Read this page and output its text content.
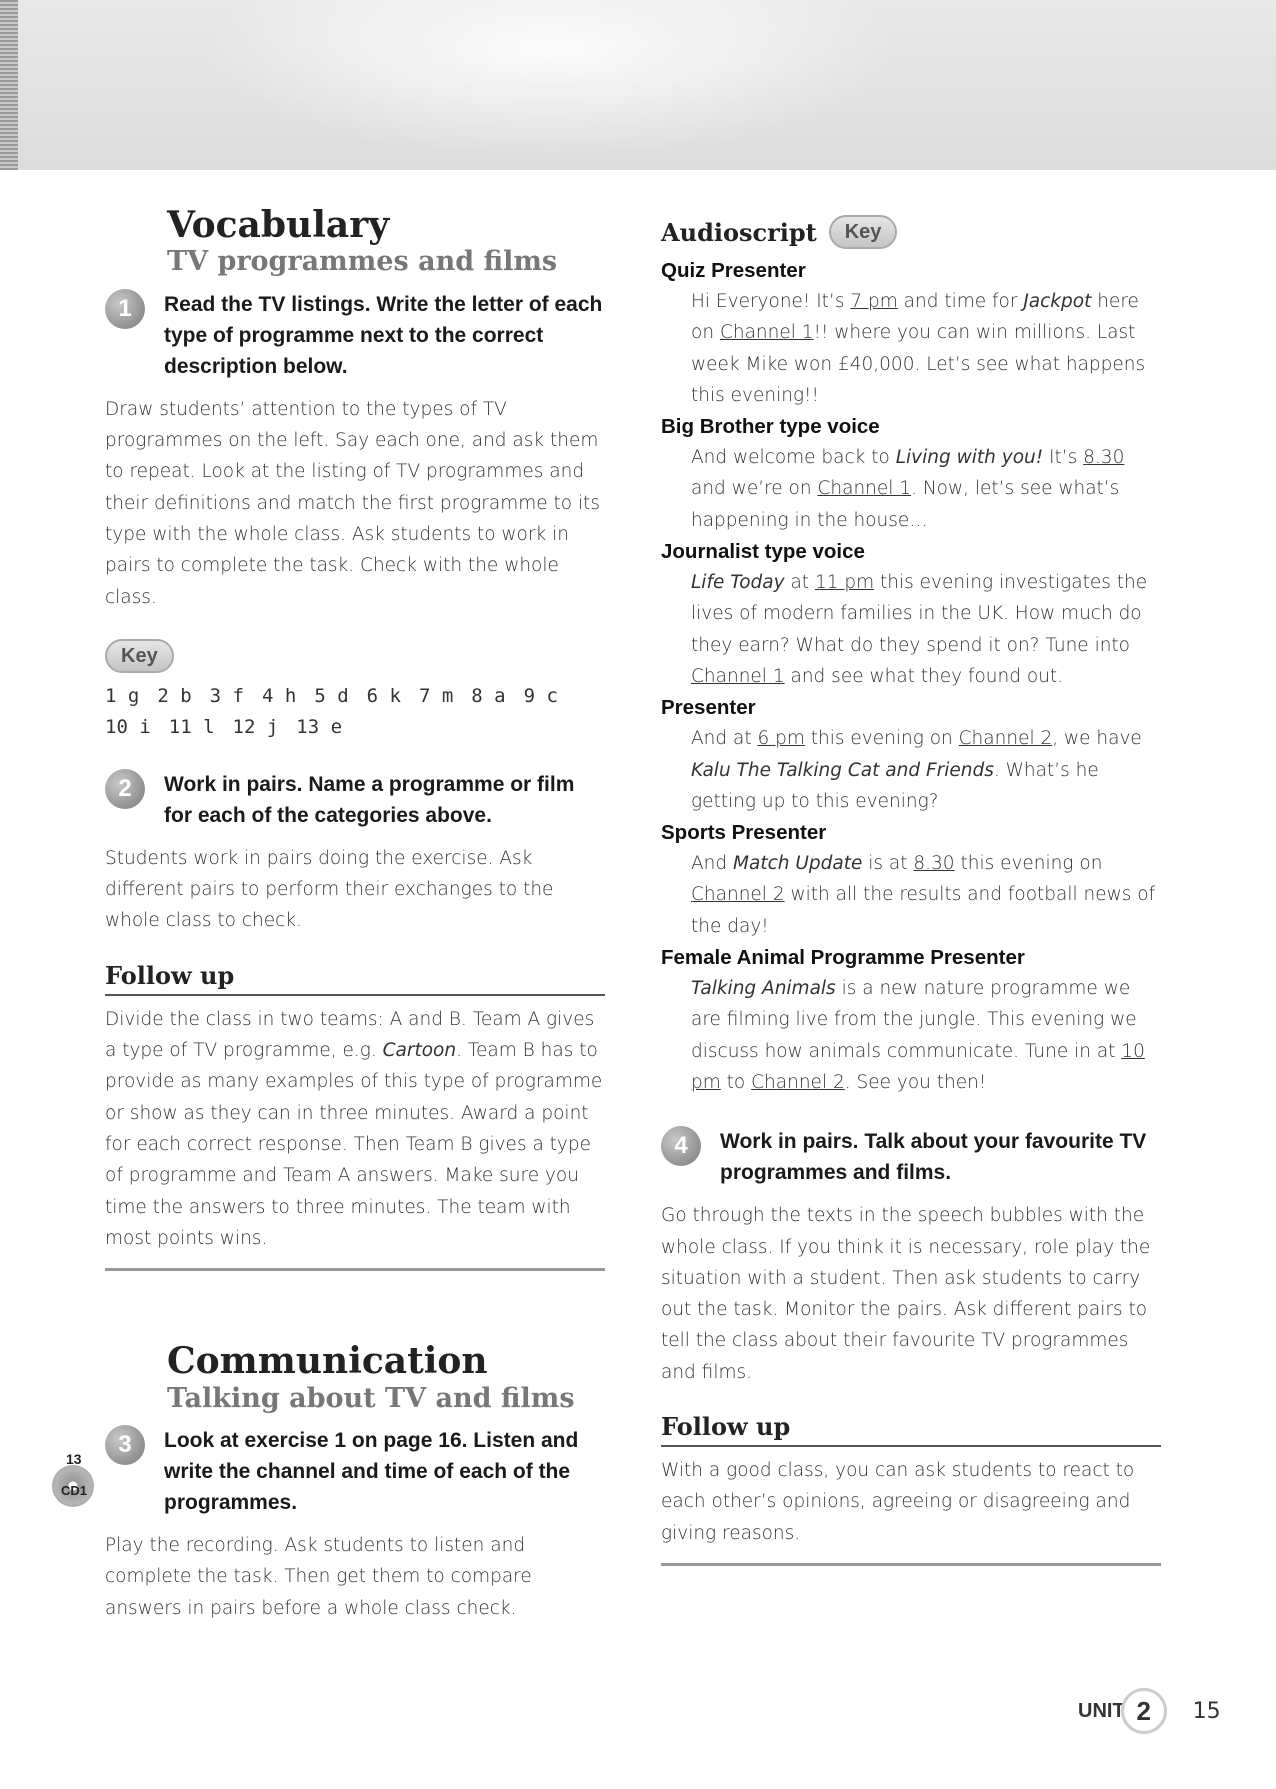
Vocabulary
TV programmes and films
1	Read the TV listings. Write the letter of each type of programme next to the correct description below.

Draw students’ attention to the types of TV programmes on the left. Say each one, and ask them to repeat. Look at the listing of TV programmes and their definitions and match the first programme to its type with the whole class. Ask students to work in pairs to complete the task. Check with the whole class.

Key
1 g 2 b 3 f 4 h 5 d 6 k 7 m 8 a 9 c
10 i 11 l 12 j 13 e
2	Work in pairs. Name a programme or film for each of the categories above.

Students work in pairs doing the exercise. Ask different pairs to perform their exchanges to the whole class to check.

Follow up

Divide the class in two teams: A and B. Team A gives a type of TV programme, e.g. Cartoon. Team B has to provide as many examples of this type of programme or show as they can in three minutes. Award a point for each correct response. Then Team B gives a type of programme and Team A answers. Make sure you time the answers to three minutes. The team with most points wins.

Communication
Talking about TV and films
3	Look at exercise 1 on page 16. Listen and write the channel and time of each of the programmes.

Play the recording. Ask students to listen and complete the task. Then get them to compare answers in pairs before a whole class check.

13
CD1
Audioscript	Key

Quiz Presenter

Hi Everyone! It’s 7 pm and time for Jackpot here on Channel 1!! where you can win millions. Last week Mike won £40,000. Let’s see what happens this evening!!

Big Brother type voice

And welcome back to Living with you! It’s 8.30 and we’re on Channel 1. Now, let’s see what’s happening in the house…

Journalist type voice

Life Today at 11 pm this evening investigates the lives of modern families in the UK. How much do they earn? What do they spend it on? Tune into Channel 1 and see what they found out.

Presenter

And at 6 pm this evening on Channel 2, we have Kalu The Talking Cat and Friends. What’s he getting up to this evening?

Sports Presenter

And Match Update is at 8.30 this evening on Channel 2 with all the results and football news of the day!

Female Animal Programme Presenter

Talking Animals is a new nature programme we are filming live from the jungle. This evening we discuss how animals communicate. Tune in at 10 pm to Channel 2. See you then!

4	Work in pairs. Talk about your favourite TV programmes and films.

Go through the texts in the speech bubbles with the whole class. If you think it is necessary, role play the situation with a student. Then ask students to carry out the task. Monitor the pairs. Ask different pairs to tell the class about their favourite TV programmes and films.

Follow up

With a good class, you can ask students to react to each other’s opinions, agreeing or disagreeing and giving reasons.

UNIT 2	15
